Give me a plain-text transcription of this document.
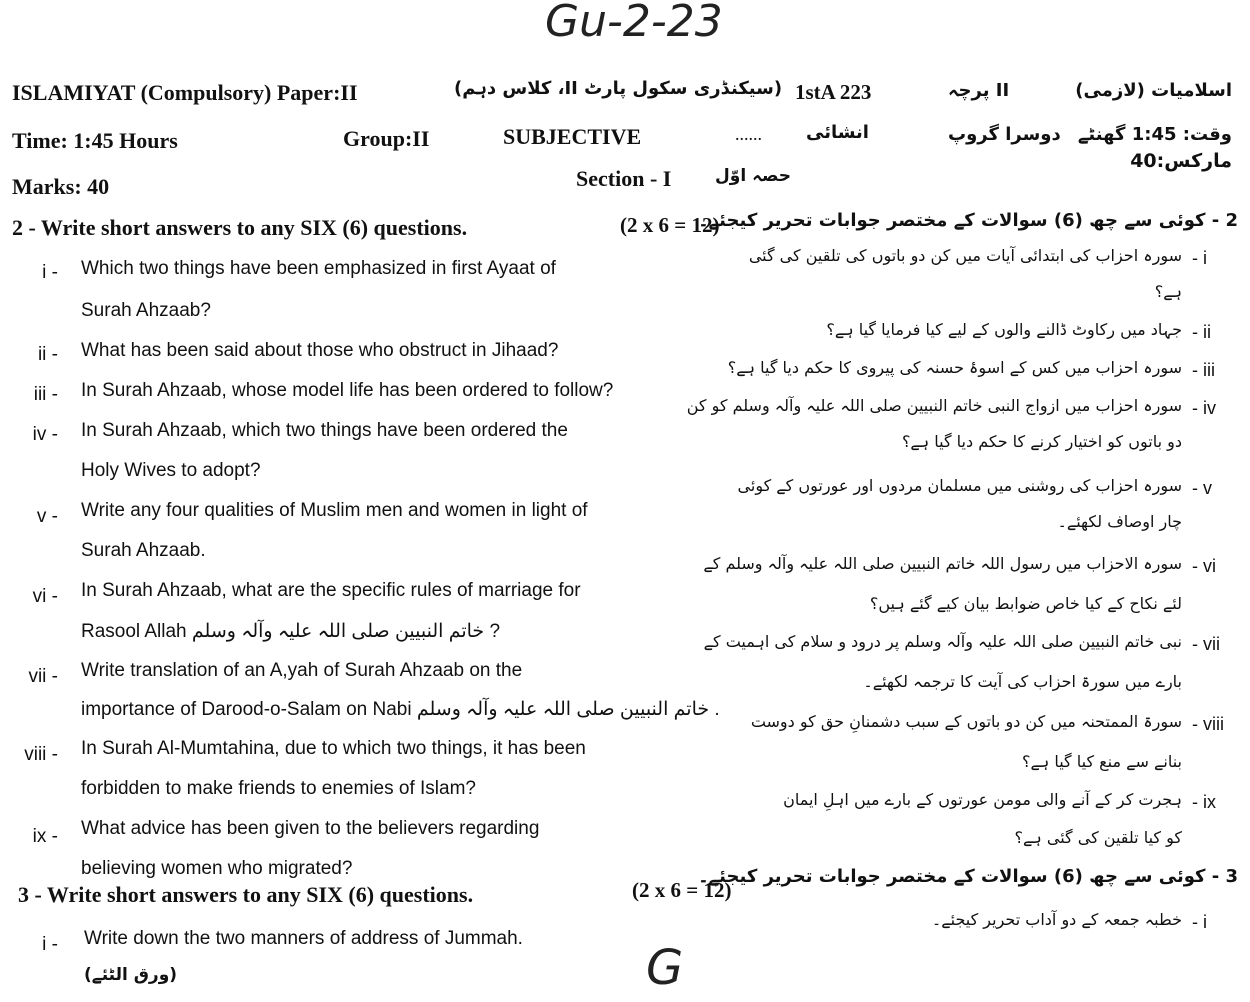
Gu-2-23
ISLAMIYAT (Compulsory) Paper:II	(سیکنڈری سکول پارٹ II، کلاس دہم) 1stA 223	II پرچہ	اسلامیات (لازمی)
Time: 1:45 Hours	Group:II	SUBJECTIVE	...... انشائی	دوسرا گروپ وقت: 1:45 گھنٹے
Marks: 40	Section - I	حصہ اوّل
مارکس:40
2 - Write short answers to any SIX (6) questions.	(2 x 6 = 12)
2 - کوئی سے چھ (6) سوالات کے مختصر جوابات تحریر کیجئے۔
i - Which two things have been emphasized in first Ayaat of
Surah Ahzaab?
ii - What has been said about those who obstruct in Jihaad?
iii - In Surah Ahzaab, whose model life has been ordered to follow?
iv - In Surah Ahzaab, which two things have been ordered the
Holy Wives to adopt?
v - Write any four qualities of Muslim men and women in light of
Surah Ahzaab.
vi - In Surah Ahzaab, what are the specific rules of marriage for
Rasool Allah خاتم النبیین صلی اللہ علیہ وآلہ وسلم ?
vii - Write translation of an A,yah of Surah Ahzaab on the
importance of Darood-o-Salam on Nabi خاتم النبیین صلی اللہ علیہ وآلہ وسلم .
viii - In Surah Al-Mumtahina, due to which two things, it has been
forbidden to make friends to enemies of Islam?
ix - What advice has been given to the believers regarding
believing women who migrated?
- i
سورہ احزاب کی ابتدائی آیات میں کن دو باتوں کی تلقین کی گئی
ہے؟
- ii
جہاد میں رکاوٹ ڈالنے والوں کے لیے کیا فرمایا گیا ہے؟
- iii
سورہ احزاب میں کس کے اسوۂ حسنہ کی پیروی کا حکم دیا گیا ہے؟
- iv
سورہ احزاب میں ازواج النبی خاتم النبیین صلی اللہ علیہ وآلہ وسلم کو کن
دو باتوں کو اختیار کرنے کا حکم دیا گیا ہے؟
- v
سورہ احزاب کی روشنی میں مسلمان مردوں اور عورتوں کے کوئی
چار اوصاف لکھئے۔
- vi
سورہ الاحزاب میں رسول اللہ خاتم النبیین صلی اللہ علیہ وآلہ وسلم کے
لئے نکاح کے کیا خاص ضوابط بیان کیے گئے ہیں؟
- vii
نبی خاتم النبیین صلی اللہ علیہ وآلہ وسلم پر درود و سلام کی اہمیت کے
بارے میں سورۃ احزاب کی آیت کا ترجمہ لکھئے۔
- viii
سورۃ الممتحنہ میں کن دو باتوں کے سبب دشمنانِ حق کو دوست
بنانے سے منع کیا گیا ہے؟
- ix
ہجرت کر کے آنے والی مومن عورتوں کے بارے میں اہلِ ایمان
کو کیا تلقین کی گئی ہے؟
3 - Write short answers to any SIX (6) questions.	(2 x 6 = 12)
3 - کوئی سے چھ (6) سوالات کے مختصر جوابات تحریر کیجئے۔
i - Write down the two manners of address of Jummah.
- i
خطبہ جمعہ کے دو آداب تحریر کیجئے۔
(ورق الٹئے)	G
